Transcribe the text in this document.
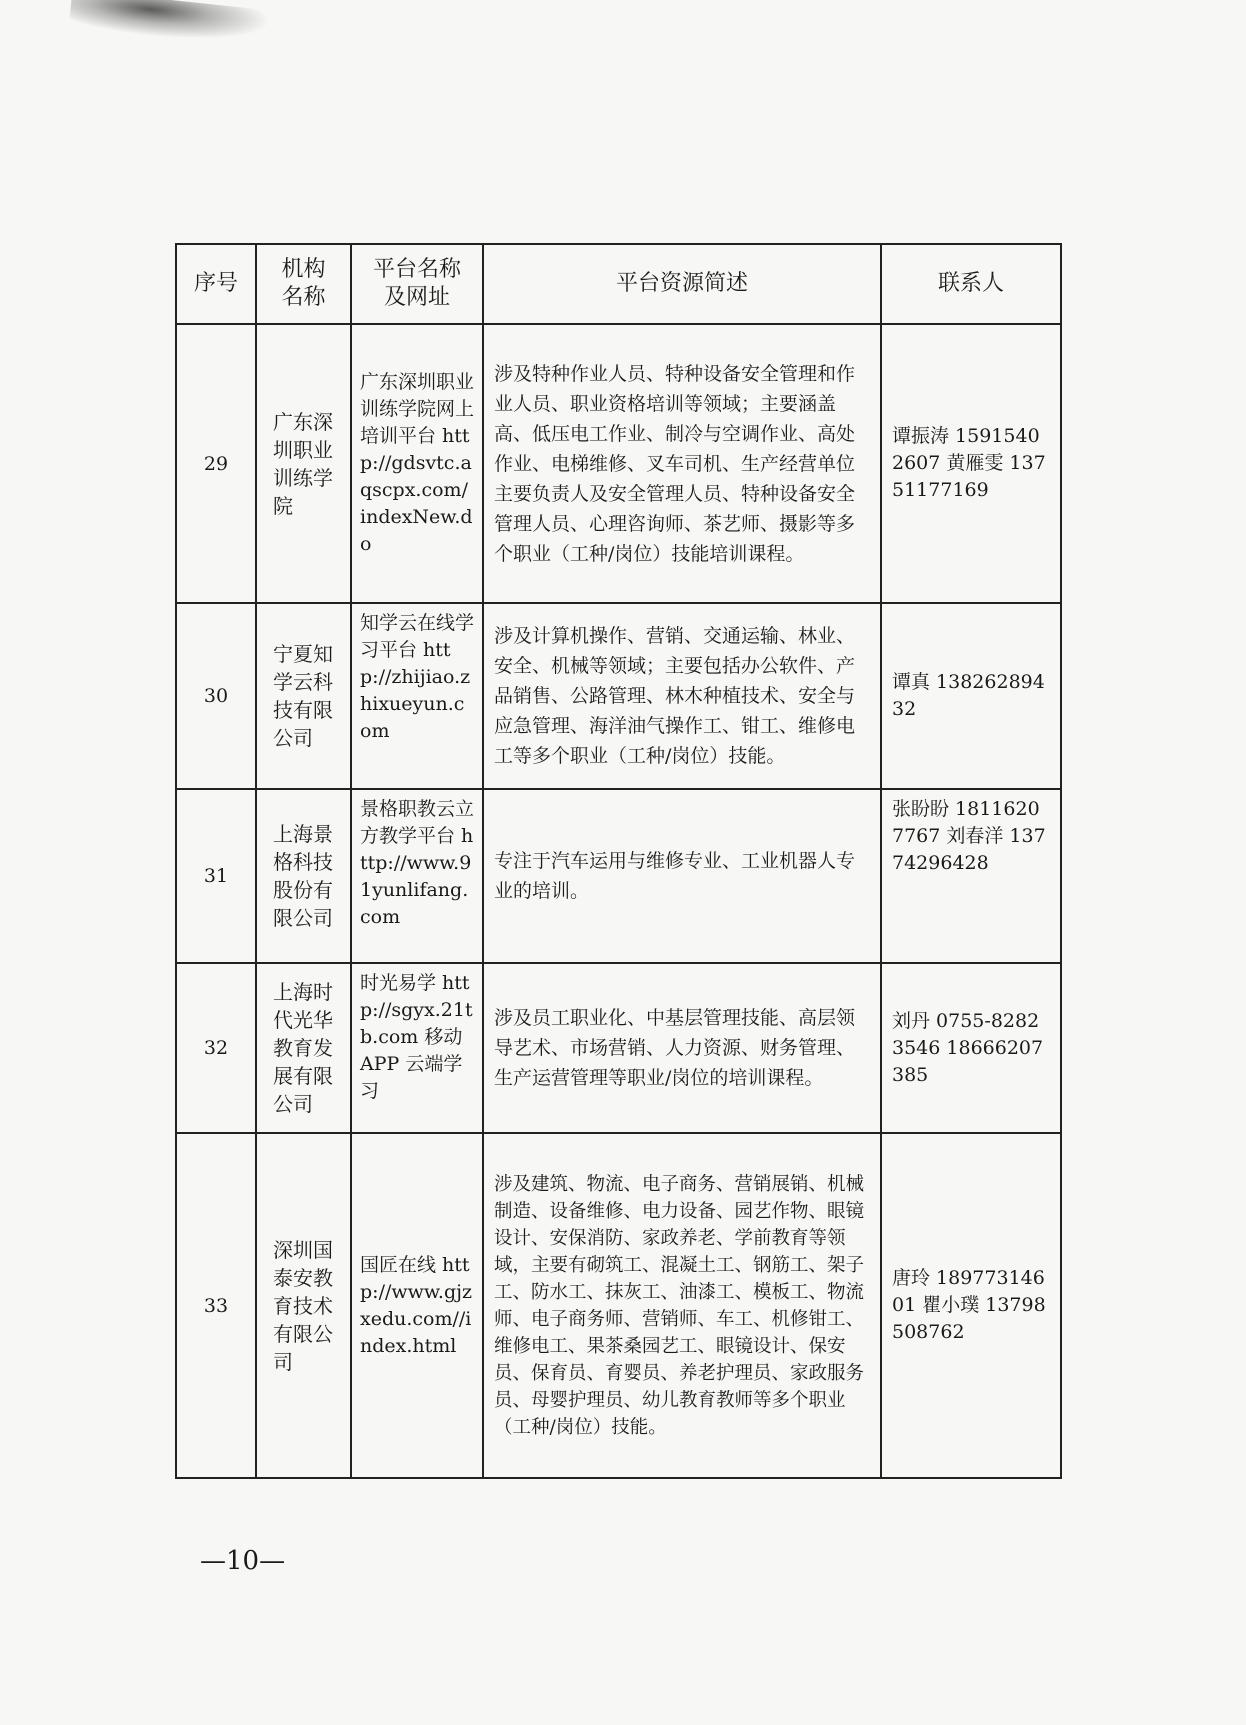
序号	机构名称	平台名称及网址	平台资源简述	联系人
29	广东深圳职业训练学院	广东深圳职业训练学院网上培训平台 http://gdsvtc.aqscpx.com/indexNew.do	涉及特种作业人员、特种设备安全管理和作业人员、职业资格培训等领域；主要涵盖高、低压电工作业、制冷与空调作业、高处作业、电梯维修、叉车司机、生产经营单位主要负责人及安全管理人员、特种设备安全管理人员、心理咨询师、茶艺师、摄影等多个职业（工种/岗位）技能培训课程。	谭振涛 15915402607 黄雁雯 13751177169
30	宁夏知学云科技有限公司	知学云在线学习平台 http://zhijiao.zhixueyun.com	涉及计算机操作、营销、交通运输、林业、安全、机械等领域；主要包括办公软件、产品销售、公路管理、林木种植技术、安全与应急管理、海洋油气操作工、钳工、维修电工等多个职业（工种/岗位）技能。	谭真 13826289432
31	上海景格科技股份有限公司	景格职教云立方教学平台 http://www.91yunlifang.com	专注于汽车运用与维修专业、工业机器人专业的培训。	张盼盼 18116207767 刘春洋 13774296428
32	上海时代光华教育发展有限公司	时光易学 http://sgyx.21tb.com 移动 APP 云端学习	涉及员工职业化、中基层管理技能、高层领导艺术、市场营销、人力资源、财务管理、生产运营管理等职业/岗位的培训课程。	刘丹 0755-82823546 18666207385
33	深圳国泰安教育技术有限公司	国匠在线 http://www.gjzxedu.com//index.html	涉及建筑、物流、电子商务、营销展销、机械制造、设备维修、电力设备、园艺作物、眼镜设计、安保消防、家政养老、学前教育等领域，主要有砌筑工、混凝土工、钢筋工、架子工、防水工、抹灰工、油漆工、模板工、物流师、电子商务师、营销师、车工、机修钳工、维修电工、果茶桑园艺工、眼镜设计、保安员、保育员、育婴员、养老护理员、家政服务员、母婴护理员、幼儿教育教师等多个职业（工种/岗位）技能。	唐玲 18977314601 瞿小璞 13798508762
—10—
